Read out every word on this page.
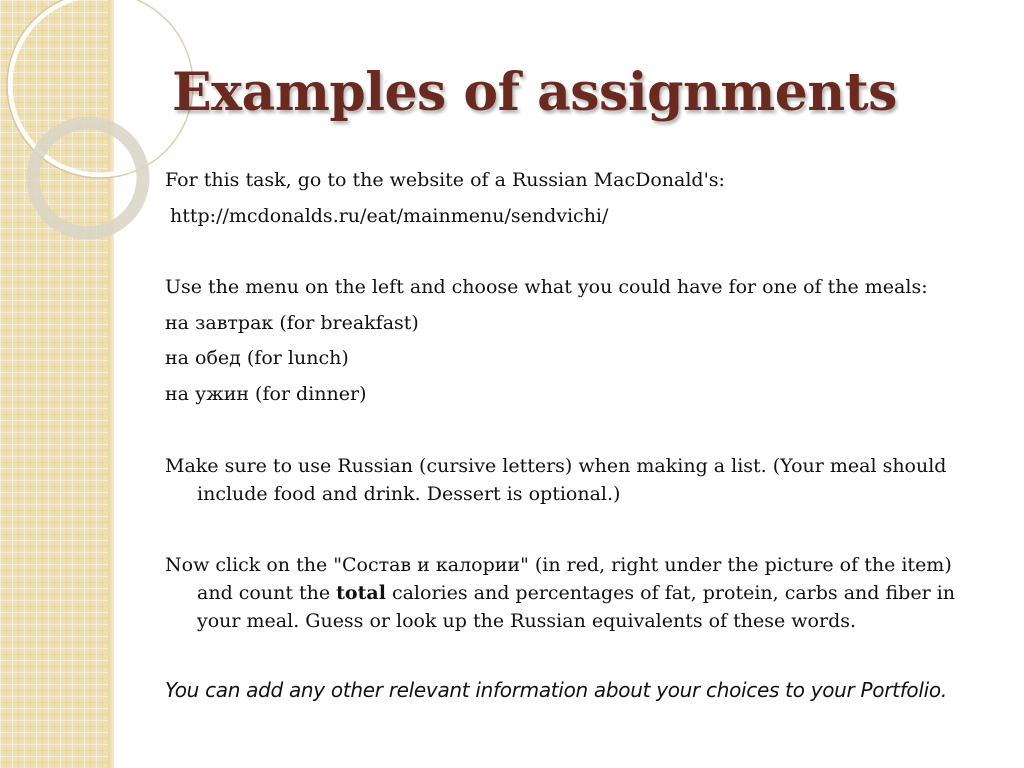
Examples of assignments
For this task, go to the website of a Russian MacDonald's:
http://mcdonalds.ru/eat/mainmenu/sendvichi/
Use the menu on the left and choose what you could have for one of the meals:
на завтрак (for breakfast)
на обед (for lunch)
на ужин (for dinner)
Make sure to use Russian (cursive letters) when making a list. (Your meal should include food and drink. Dessert is optional.)
Now click on the "Состав и калории" (in red, right under the picture of the item) and count the total calories and percentages of fat, protein, carbs and fiber in your meal. Guess or look up the Russian equivalents of these words.
You can add any other relevant information about your choices to your Portfolio.
